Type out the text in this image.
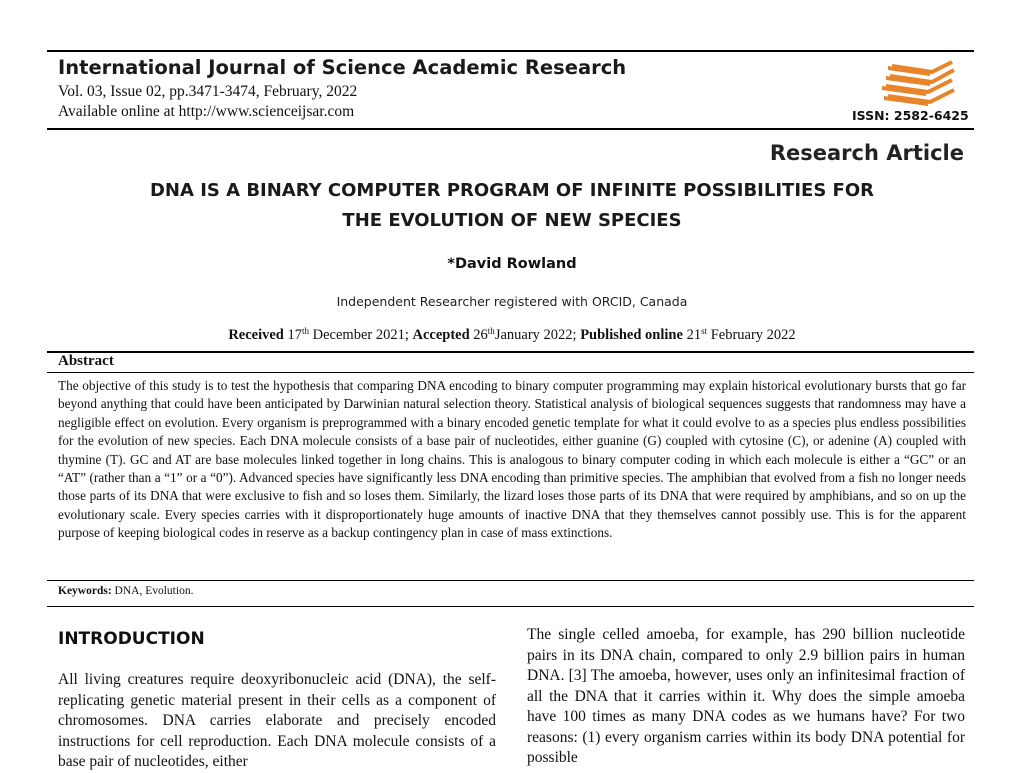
International Journal of Science Academic Research
Vol. 03, Issue 02, pp.3471-3474, February, 2022
Available online at http://www.scienceijsar.com	ISSN: 2582-6425
Research Article
DNA IS A BINARY COMPUTER PROGRAM OF INFINITE POSSIBILITIES FOR
THE EVOLUTION OF NEW SPECIES
*David Rowland
Independent Researcher registered with ORCID, Canada
Received 17th December 2021; Accepted 26thJanuary 2022; Published online 21st February 2022
Abstract
The objective of this study is to test the hypothesis that comparing DNA encoding to binary computer programming may explain historical evolutionary bursts that go far beyond anything that could have been anticipated by Darwinian natural selection theory. Statistical analysis of biological sequences suggests that randomness may have a negligible effect on evolution. Every organism is preprogrammed with a binary encoded genetic template for what it could evolve to as a species plus endless possibilities for the evolution of new species. Each DNA molecule consists of a base pair of nucleotides, either guanine (G) coupled with cytosine (C), or adenine (A) coupled with thymine (T). GC and AT are base molecules linked together in long chains. This is analogous to binary computer coding in which each molecule is either a “GC” or an “AT” (rather than a “1” or a “0”). Advanced species have significantly less DNA encoding than primitive species. The amphibian that evolved from a fish no longer needs those parts of its DNA that were exclusive to fish and so loses them. Similarly, the lizard loses those parts of its DNA that were required by amphibians, and so on up the evolutionary scale. Every species carries with it disproportionately huge amounts of inactive DNA that they themselves cannot possibly use. This is for the apparent purpose of keeping biological codes in reserve as a backup contingency plan in case of mass extinctions.
Keywords: DNA, Evolution.
INTRODUCTION
All living creatures require deoxyribonucleic acid (DNA), the self-replicating genetic material present in their cells as a component of chromosomes. DNA carries elaborate and precisely encoded instructions for cell reproduction. Each DNA molecule consists of a base pair of nucleotides, either
The single celled amoeba, for example, has 290 billion nucleotide pairs in its DNA chain, compared to only 2.9 billion pairs in human DNA. [3] The amoeba, however, uses only an infinitesimal fraction of all the DNA that it carries within it. Why does the simple amoeba have 100 times as many DNA codes as we humans have? For two reasons: (1) every organism carries within its body DNA potential for possible
